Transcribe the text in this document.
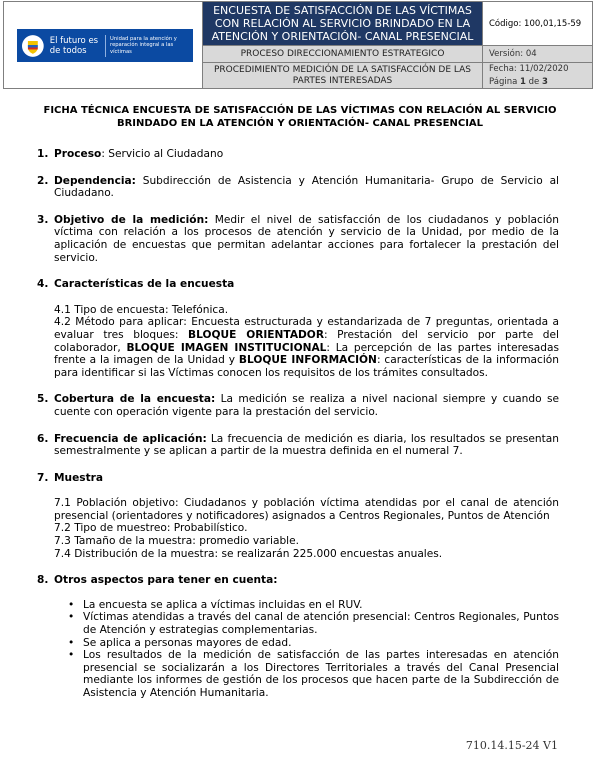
El futuro es de todos
Unidad para la atención y reparación integral a las víctimas
ENCUESTA DE SATISFACCIÓN DE LAS VÍCTIMAS CON RELACIÓN AL SERVICIO BRINDADO EN LA ATENCIÓN Y ORIENTACIÓN- CANAL PRESENCIAL
PROCESO DIRECCIONAMIENTO ESTRATEGICO
PROCEDIMIENTO MEDICIÓN DE LA SATISFACCIÓN DE LAS PARTES INTERESADAS
Código: 100,01,15-59
Versión: 04
Fecha: 11/02/2020
Página 1 de 3
FICHA TÉCNICA ENCUESTA DE SATISFACCIÓN DE LAS VÍCTIMAS CON RELACIÓN AL SERVICIO BRINDADO EN LA ATENCIÓN Y ORIENTACIÓN- CANAL PRESENCIAL
1. Proceso: Servicio al Ciudadano
2. Dependencia: Subdirección de Asistencia y Atención Humanitaria- Grupo de Servicio al Ciudadano.
3. Objetivo de la medición: Medir el nivel de satisfacción de los ciudadanos y población víctima con relación a los procesos de atención y servicio de la Unidad, por medio de la aplicación de encuestas que permitan adelantar acciones para fortalecer la prestación del servicio.
4. Características de la encuesta

4.1 Tipo de encuesta: Telefónica.

4.2 Método para aplicar: Encuesta estructurada y estandarizada de 7 preguntas, orientada a evaluar tres bloques: BLOQUE ORIENTADOR: Prestación del servicio por parte del colaborador, BLOQUE IMAGEN INSTITUCIONAL: La percepción de las partes interesadas frente a la imagen de la Unidad y BLOQUE INFORMACIÓN: características de la información para identificar si las Víctimas conocen los requisitos de los trámites consultados.

5. Cobertura de la encuesta: La medición se realiza a nivel nacional siempre y cuando se cuente con operación vigente para la prestación del servicio.
6. Frecuencia de aplicación: La frecuencia de medición es diaria, los resultados se presentan semestralmente y se aplican a partir de la muestra definida en el numeral 7.
7. Muestra

7.1 Población objetivo: Ciudadanos y población víctima atendidas por el canal de atención presencial (orientadores y notificadores) asignados a Centros Regionales, Puntos de Atención

7.2 Tipo de muestreo: Probabilístico.

7.3 Tamaño de la muestra: promedio variable.

7.4 Distribución de la muestra: se realizarán 225.000 encuestas anuales.

8. Otros aspectos para tener en cuenta:
• La encuesta se aplica a víctimas incluidas en el RUV.
• Víctimas atendidas a través del canal de atención presencial: Centros Regionales, Puntos de Atención y estrategias complementarias.
• Se aplica a personas mayores de edad.
• Los resultados de la medición de satisfacción de las partes interesadas en atención presencial se socializarán a los Directores Territoriales a través del Canal Presencial mediante los informes de gestión de los procesos que hacen parte de la Subdirección de Asistencia y Atención Humanitaria.
710.14.15-24 V1
